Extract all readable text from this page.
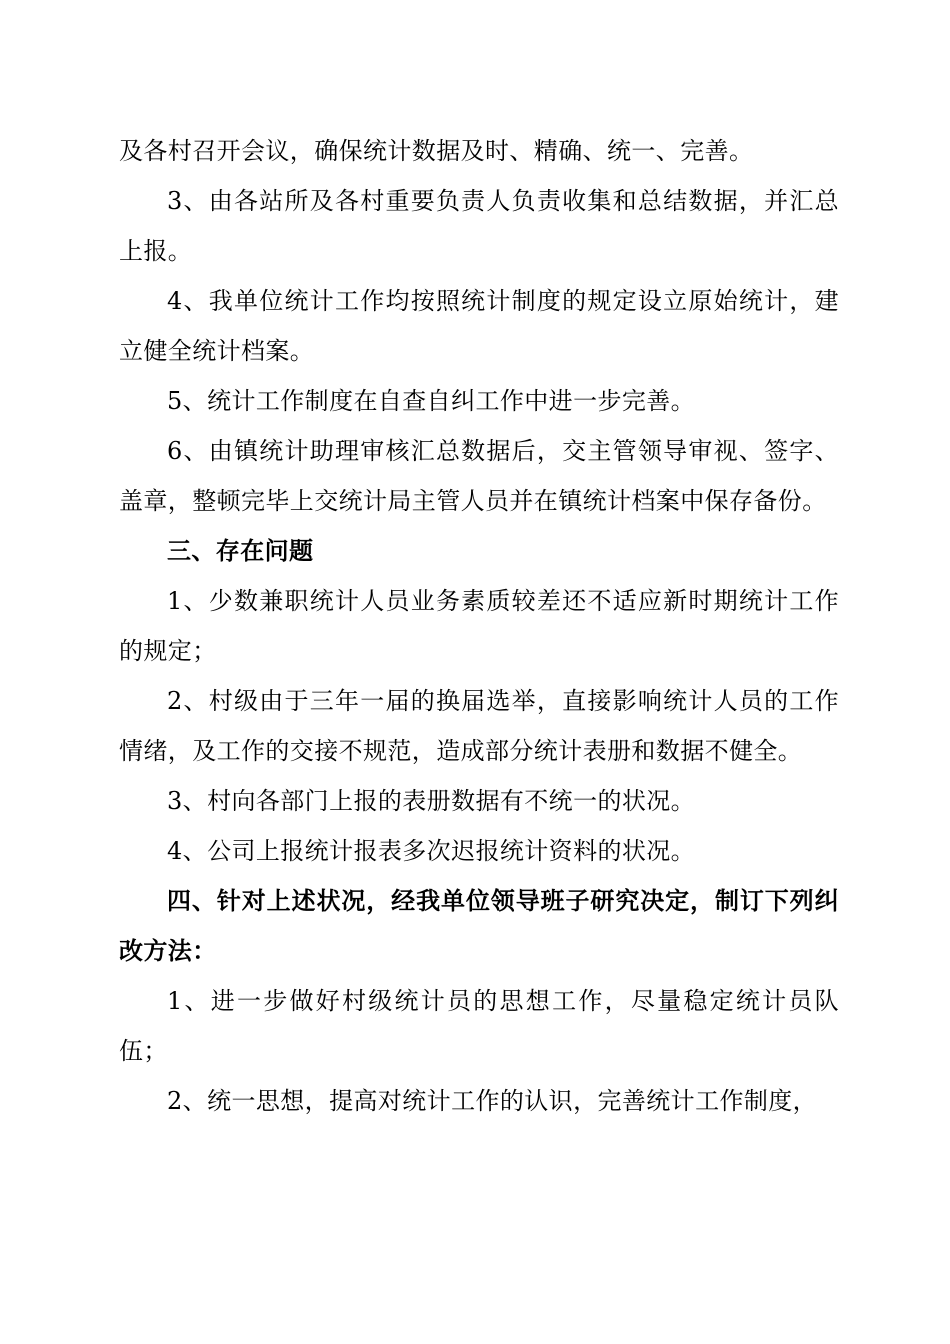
及各村召开会议，确保统计数据及时、精确、统一、完善。

3、由各站所及各村重要负责人负责收集和总结数据，并汇总上报。

4、我单位统计工作均按照统计制度的规定设立原始统计，建立健全统计档案。

5、统计工作制度在自查自纠工作中进一步完善。

6、由镇统计助理审核汇总数据后，交主管领导审视、签字、盖章，整顿完毕上交统计局主管人员并在镇统计档案中保存备份。

三、存在问题

1、少数兼职统计人员业务素质较差还不适应新时期统计工作的规定；

2、村级由于三年一届的换届选举，直接影响统计人员的工作情绪，及工作的交接不规范，造成部分统计表册和数据不健全。

3、村向各部门上报的表册数据有不统一的状况。

4、公司上报统计报表多次迟报统计资料的状况。

四、针对上述状况，经我单位领导班子研究决定，制订下列纠改方法：

1、进一步做好村级统计员的思想工作，尽量稳定统计员队伍；

2、统一思想，提高对统计工作的认识，完善统计工作制度，
